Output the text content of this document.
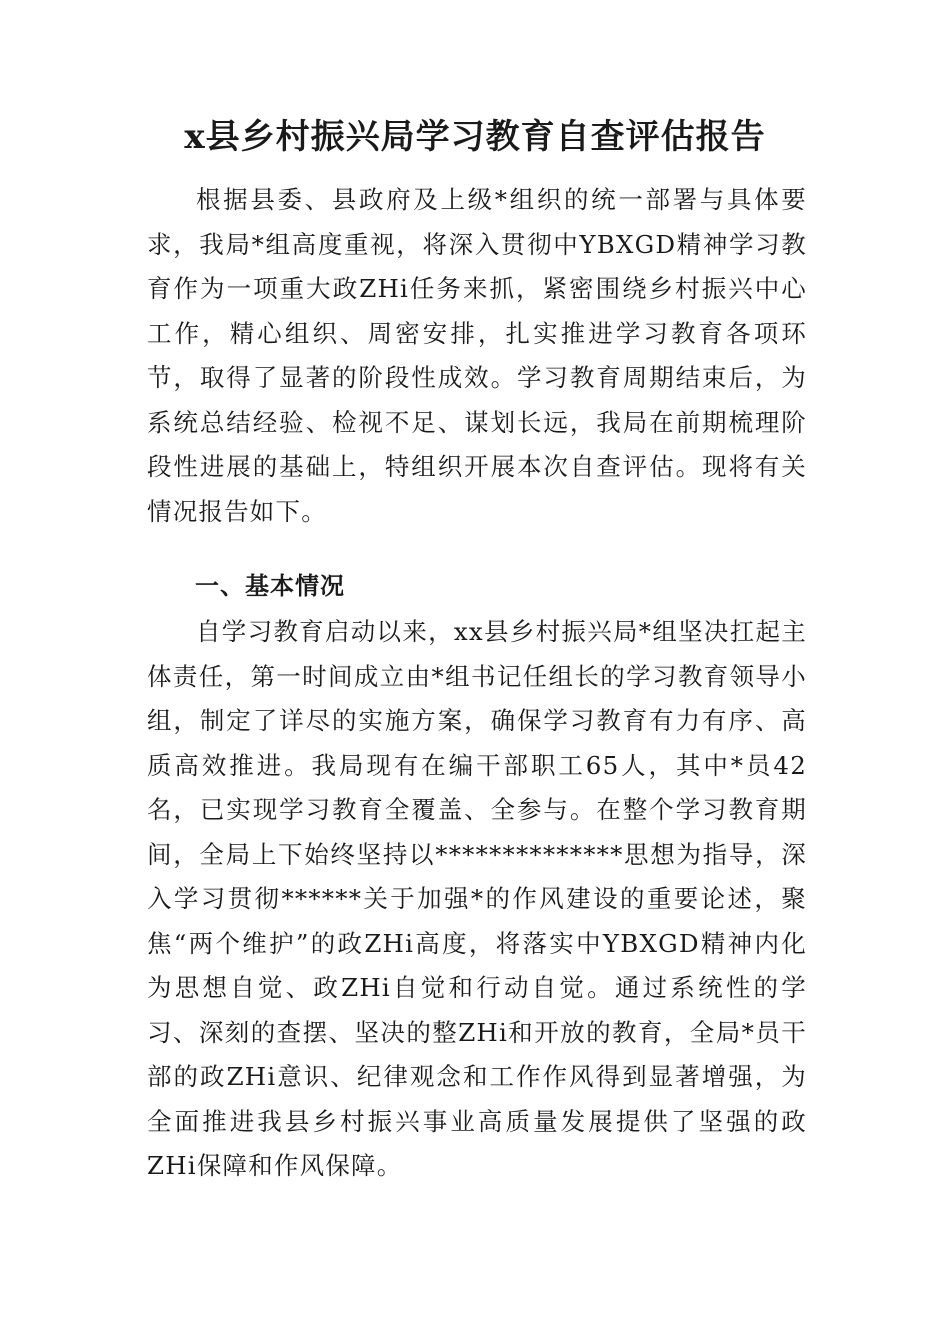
x县乡村振兴局学习教育自查评估报告

根据县委、县政府及上级*组织的统一部署与具体要求，我局*组高度重视，将深入贯彻中YBXGD精神学习教育作为一项重大政ZHi任务来抓，紧密围绕乡村振兴中心工作，精心组织、周密安排，扎实推进学习教育各项环节，取得了显著的阶段性成效。学习教育周期结束后，为系统总结经验、检视不足、谋划长远，我局在前期梳理阶段性进展的基础上，特组织开展本次自查评估。现将有关情况报告如下。

一、基本情况

自学习教育启动以来，xx县乡村振兴局*组坚决扛起主体责任，第一时间成立由*组书记任组长的学习教育领导小组，制定了详尽的实施方案，确保学习教育有力有序、高质高效推进。我局现有在编干部职工65人，其中*员42名，已实现学习教育全覆盖、全参与。在整个学习教育期间，全局上下始终坚持以**************思想为指导，深入学习贯彻******关于加强*的作风建设的重要论述，聚焦“两个维护”的政ZHi高度，将落实中YBXGD精神内化为思想自觉、政ZHi自觉和行动自觉。通过系统性的学习、深刻的查摆、坚决的整ZHi和开放的教育，全局*员干部的政ZHi意识、纪律观念和工作作风得到显著增强，为全面推进我县乡村振兴事业高质量发展提供了坚强的政ZHi保障和作风保障。
